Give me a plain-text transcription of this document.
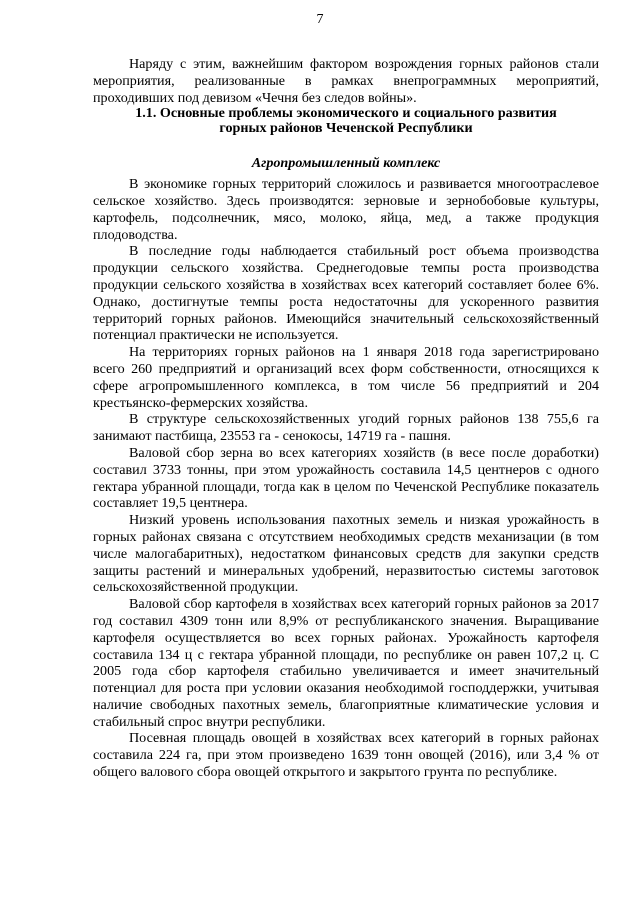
7

Наряду с этим, важнейшим фактором возрождения горных районов стали мероприятия, реализованные в рамках внепрограммных мероприятий, проходивших под девизом «Чечня без следов войны».

1.1. Основные проблемы экономического и социального развития
горных районов Чеченской Республики
Агропромышленный комплекс

В экономике горных территорий сложилось и развивается многоотраслевое сельское хозяйство. Здесь производятся: зерновые и зернобобовые культуры, картофель, подсолнечник, мясо, молоко, яйца, мед, а также продукция плодоводства.

В последние годы наблюдается стабильный рост объема производства продукции сельского хозяйства. Среднегодовые темпы роста производства продукции сельского хозяйства в хозяйствах всех категорий составляет более 6%. Однако, достигнутые темпы роста недостаточны для ускоренного развития территорий горных районов. Имеющийся значительный сельскохозяйственный потенциал практически не используется.

На территориях горных районов на 1 января 2018 года зарегистрировано всего 260 предприятий и организаций всех форм собственности, относящихся к сфере агропромышленного комплекса, в том числе 56 предприятий и 204 крестьянско-фермерских хозяйства.

В структуре сельскохозяйственных угодий горных районов 138 755,6 га занимают пастбища, 23553 га - сенокосы, 14719 га - пашня.

Валовой сбор зерна во всех категориях хозяйств (в весе после доработки) составил 3733 тонны, при этом урожайность составила 14,5 центнеров с одного гектара убранной площади, тогда как в целом по Чеченской Республике показатель составляет 19,5 центнера.

Низкий уровень использования пахотных земель и низкая урожайность в горных районах связана с отсутствием необходимых средств механизации (в том числе малогабаритных), недостатком финансовых средств для закупки средств защиты растений и минеральных удобрений, неразвитостью системы заготовок сельскохозяйственной продукции.

Валовой сбор картофеля в хозяйствах всех категорий горных районов за 2017 год составил 4309 тонн или 8,9% от республиканского значения. Выращивание картофеля осуществляется во всех горных районах. Урожайность картофеля составила 134 ц с гектара убранной площади, по республике он равен 107,2 ц. С 2005 года сбор картофеля стабильно увеличивается и имеет значительный потенциал для роста при условии оказания необходимой господдержки, учитывая наличие свободных пахотных земель, благоприятные климатические условия и стабильный спрос внутри республики.

Посевная площадь овощей в хозяйствах всех категорий в горных районах составила 224 га, при этом произведено 1639 тонн овощей (2016), или 3,4 % от общего валового сбора овощей открытого и закрытого грунта по республике.
